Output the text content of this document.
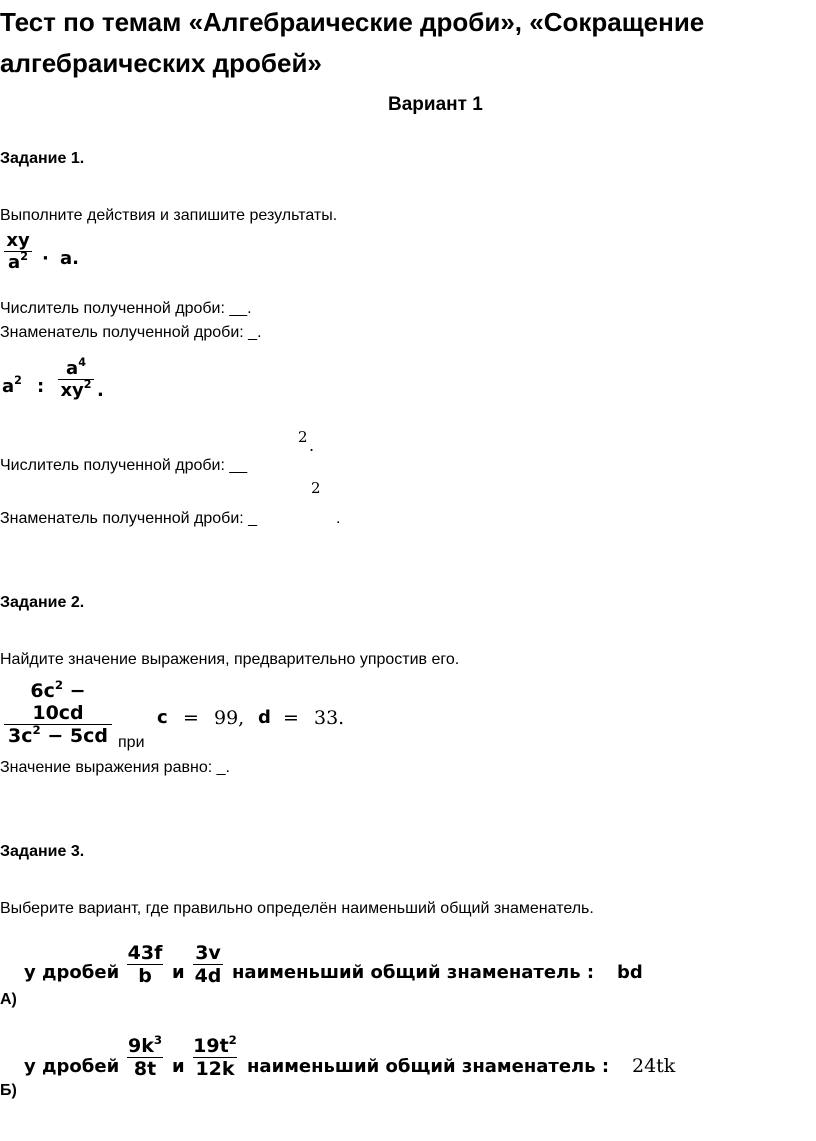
Тест по темам «Алгебраические дроби», «Сокращение
алгебраических дробей»
Вариант 1
Задание 1.
Выполните действия и запишите результаты.
xy
$a^2 \cdot a$.
Числитель полученной дроби: __.
Знаменатель полученной дроби: _.
$a^2$ :
$a^4$
$xy^2$ .
2 .
Числитель полученной дроби: __
2
Знаменатель полученной дроби: _	.
Задание 2.
Найдите значение выражения, предварительно упростив его.
$6c^2 - 10cd$
$3c^2 - 5cd$ при
c = 99, d = 33.
Значение выражения равно: _.
Задание 3.
Выберите вариант, где правильно определён наименьший общий знаменатель.
у дробей
43f
b	и
3v
4d наименьший общий знаменатель : bd
А)
у дробей
$9k^3$
8t и
$19t^2$
12k наименьший общий знаменатель : 24tk
Б)
